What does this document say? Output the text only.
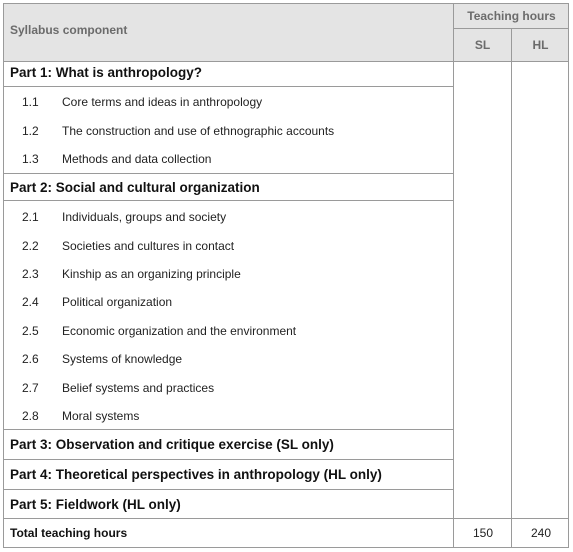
Syllabus component
Teaching hours
SL	HL
Part 1: What is anthropology?
1.1 Core terms and ideas in anthropology
1.2 The construction and use of ethnographic accounts
1.3 Methods and data collection
Part 2: Social and cultural organization
2.1 Individuals, groups and society
2.2 Societies and cultures in contact
2.3 Kinship as an organizing principle
2.4 Political organization
2.5 Economic organization and the environment
2.6 Systems of knowledge
2.7 Belief systems and practices
2.8 Moral systems
Part 3: Observation and critique exercise (SL only)
Part 4: Theoretical perspectives in anthropology (HL only)
Part 5: Fieldwork (HL only)
Total teaching hours	150	240
